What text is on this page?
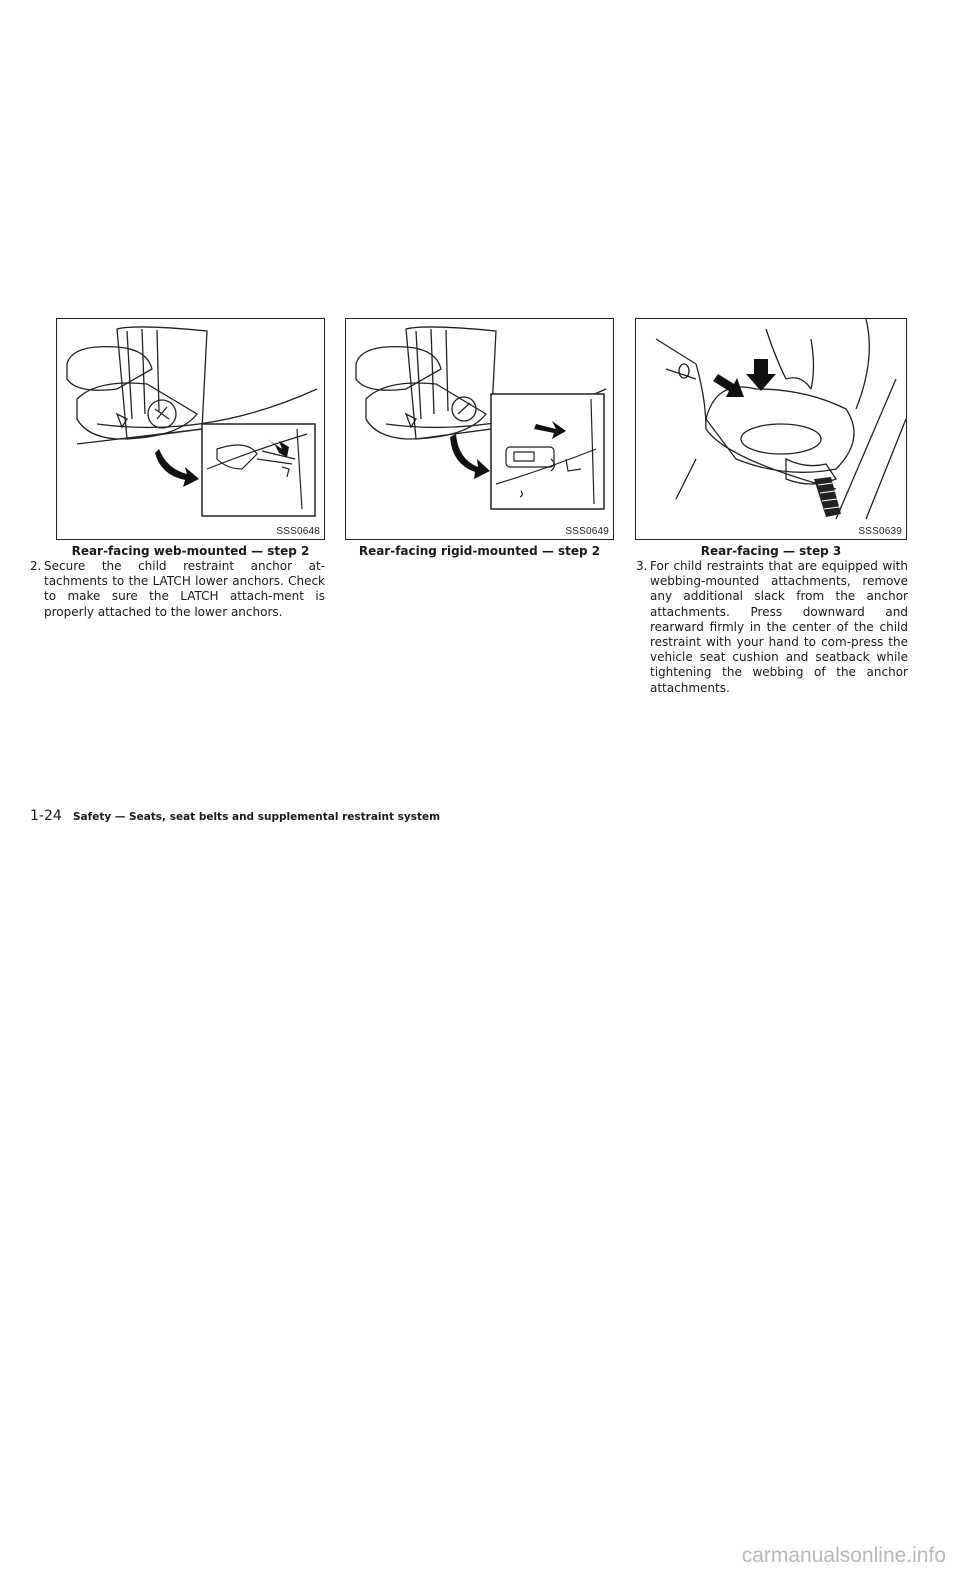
SSS0648
Rear-facing web-mounted — step 2
SSS0649
Rear-facing rigid-mounted — step 2
SSS0639
Rear-facing — step 3
2. Secure the child restraint anchor at-tachments to the LATCH lower anchors. Check to make sure the LATCH attach-ment is properly attached to the lower anchors.
3. For child restraints that are equipped with webbing-mounted attachments, remove any additional slack from the anchor attachments. Press downward and rearward firmly in the center of the child restraint with your hand to com-press the vehicle seat cushion and seatback while tightening the webbing of the anchor attachments.
1-24 Safety — Seats, seat belts and supplemental restraint system
carmanualsonline.info
